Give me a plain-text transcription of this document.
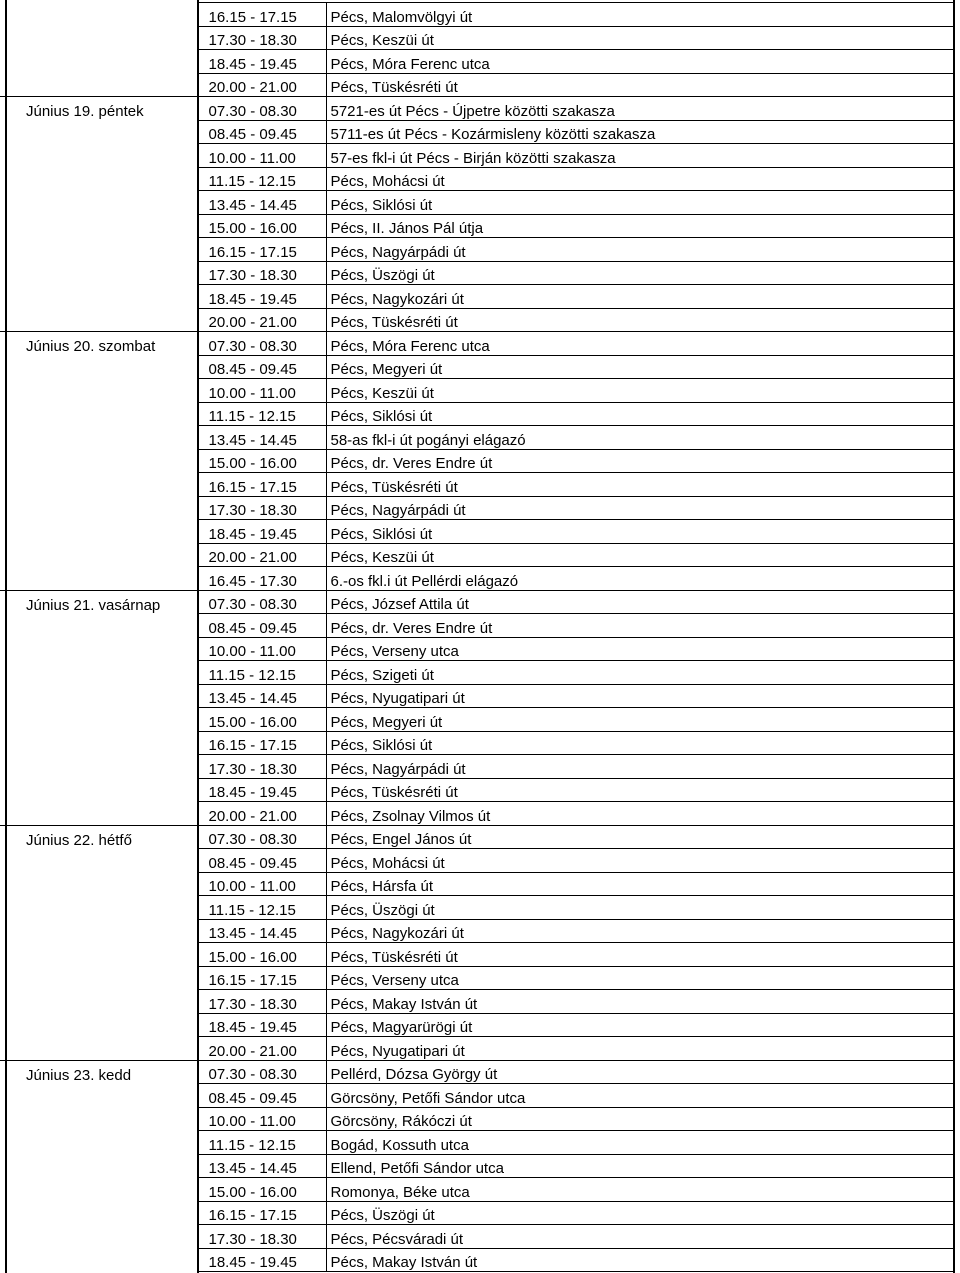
	16.15 - 17.15	Pécs, Malomvölgyi út
	17.30 - 18.30	Pécs, Keszüi út
	18.45 - 19.45	Pécs, Móra Ferenc utca
	20.00 - 21.00	Pécs, Tüskésréti út
Június 19. péntek	07.30 - 08.30	5721-es út Pécs - Újpetre közötti szakasza
	08.45 - 09.45	5711-es út Pécs - Kozármisleny közötti szakasza
	10.00 - 11.00	57-es fkl-i út Pécs - Birján közötti szakasza
	11.15 - 12.15	Pécs, Mohácsi út
	13.45 - 14.45	Pécs, Siklósi út
	15.00 - 16.00	Pécs, II. János Pál útja
	16.15 - 17.15	Pécs, Nagyárpádi út
	17.30 - 18.30	Pécs, Üszögi út
	18.45 - 19.45	Pécs, Nagykozári út
	20.00 - 21.00	Pécs, Tüskésréti út
Június 20. szombat	07.30 - 08.30	Pécs, Móra Ferenc utca
	08.45 - 09.45	Pécs, Megyeri út
	10.00 - 11.00	Pécs, Keszüi út
	11.15 - 12.15	Pécs, Siklósi út
	13.45 - 14.45	58-as fkl-i út pogányi elágazó
	15.00 - 16.00	Pécs, dr. Veres Endre út
	16.15 - 17.15	Pécs, Tüskésréti út
	17.30 - 18.30	Pécs, Nagyárpádi út
	18.45 - 19.45	Pécs, Siklósi út
	20.00 - 21.00	Pécs, Keszüi út
	16.45 - 17.30	6.-os fkl.i út Pellérdi elágazó
Június 21. vasárnap	07.30 - 08.30	Pécs, József Attila út
	08.45 - 09.45	Pécs, dr. Veres Endre út
	10.00 - 11.00	Pécs, Verseny utca
	11.15 - 12.15	Pécs, Szigeti út
	13.45 - 14.45	Pécs, Nyugatipari út
	15.00 - 16.00	Pécs, Megyeri út
	16.15 - 17.15	Pécs, Siklósi út
	17.30 - 18.30	Pécs, Nagyárpádi út
	18.45 - 19.45	Pécs, Tüskésréti út
	20.00 - 21.00	Pécs, Zsolnay Vilmos út
Június 22. hétfő	07.30 - 08.30	Pécs, Engel János út
	08.45 - 09.45	Pécs, Mohácsi út
	10.00 - 11.00	Pécs, Hársfa út
	11.15 - 12.15	Pécs, Üszögi út
	13.45 - 14.45	Pécs, Nagykozári út
	15.00 - 16.00	Pécs, Tüskésréti út
	16.15 - 17.15	Pécs, Verseny utca
	17.30 - 18.30	Pécs, Makay István út
	18.45 - 19.45	Pécs, Magyarürögi út
	20.00 - 21.00	Pécs, Nyugatipari út
Június 23. kedd	07.30 - 08.30	Pellérd, Dózsa György út
	08.45 - 09.45	Görcsöny, Petőfi Sándor utca
	10.00 - 11.00	Görcsöny, Rákóczi út
	11.15 - 12.15	Bogád, Kossuth utca
	13.45 - 14.45	Ellend, Petőfi Sándor utca
	15.00 - 16.00	Romonya, Béke utca
	16.15 - 17.15	Pécs, Üszögi út
	17.30 - 18.30	Pécs, Pécsváradi út
	18.45 - 19.45	Pécs, Makay István út
